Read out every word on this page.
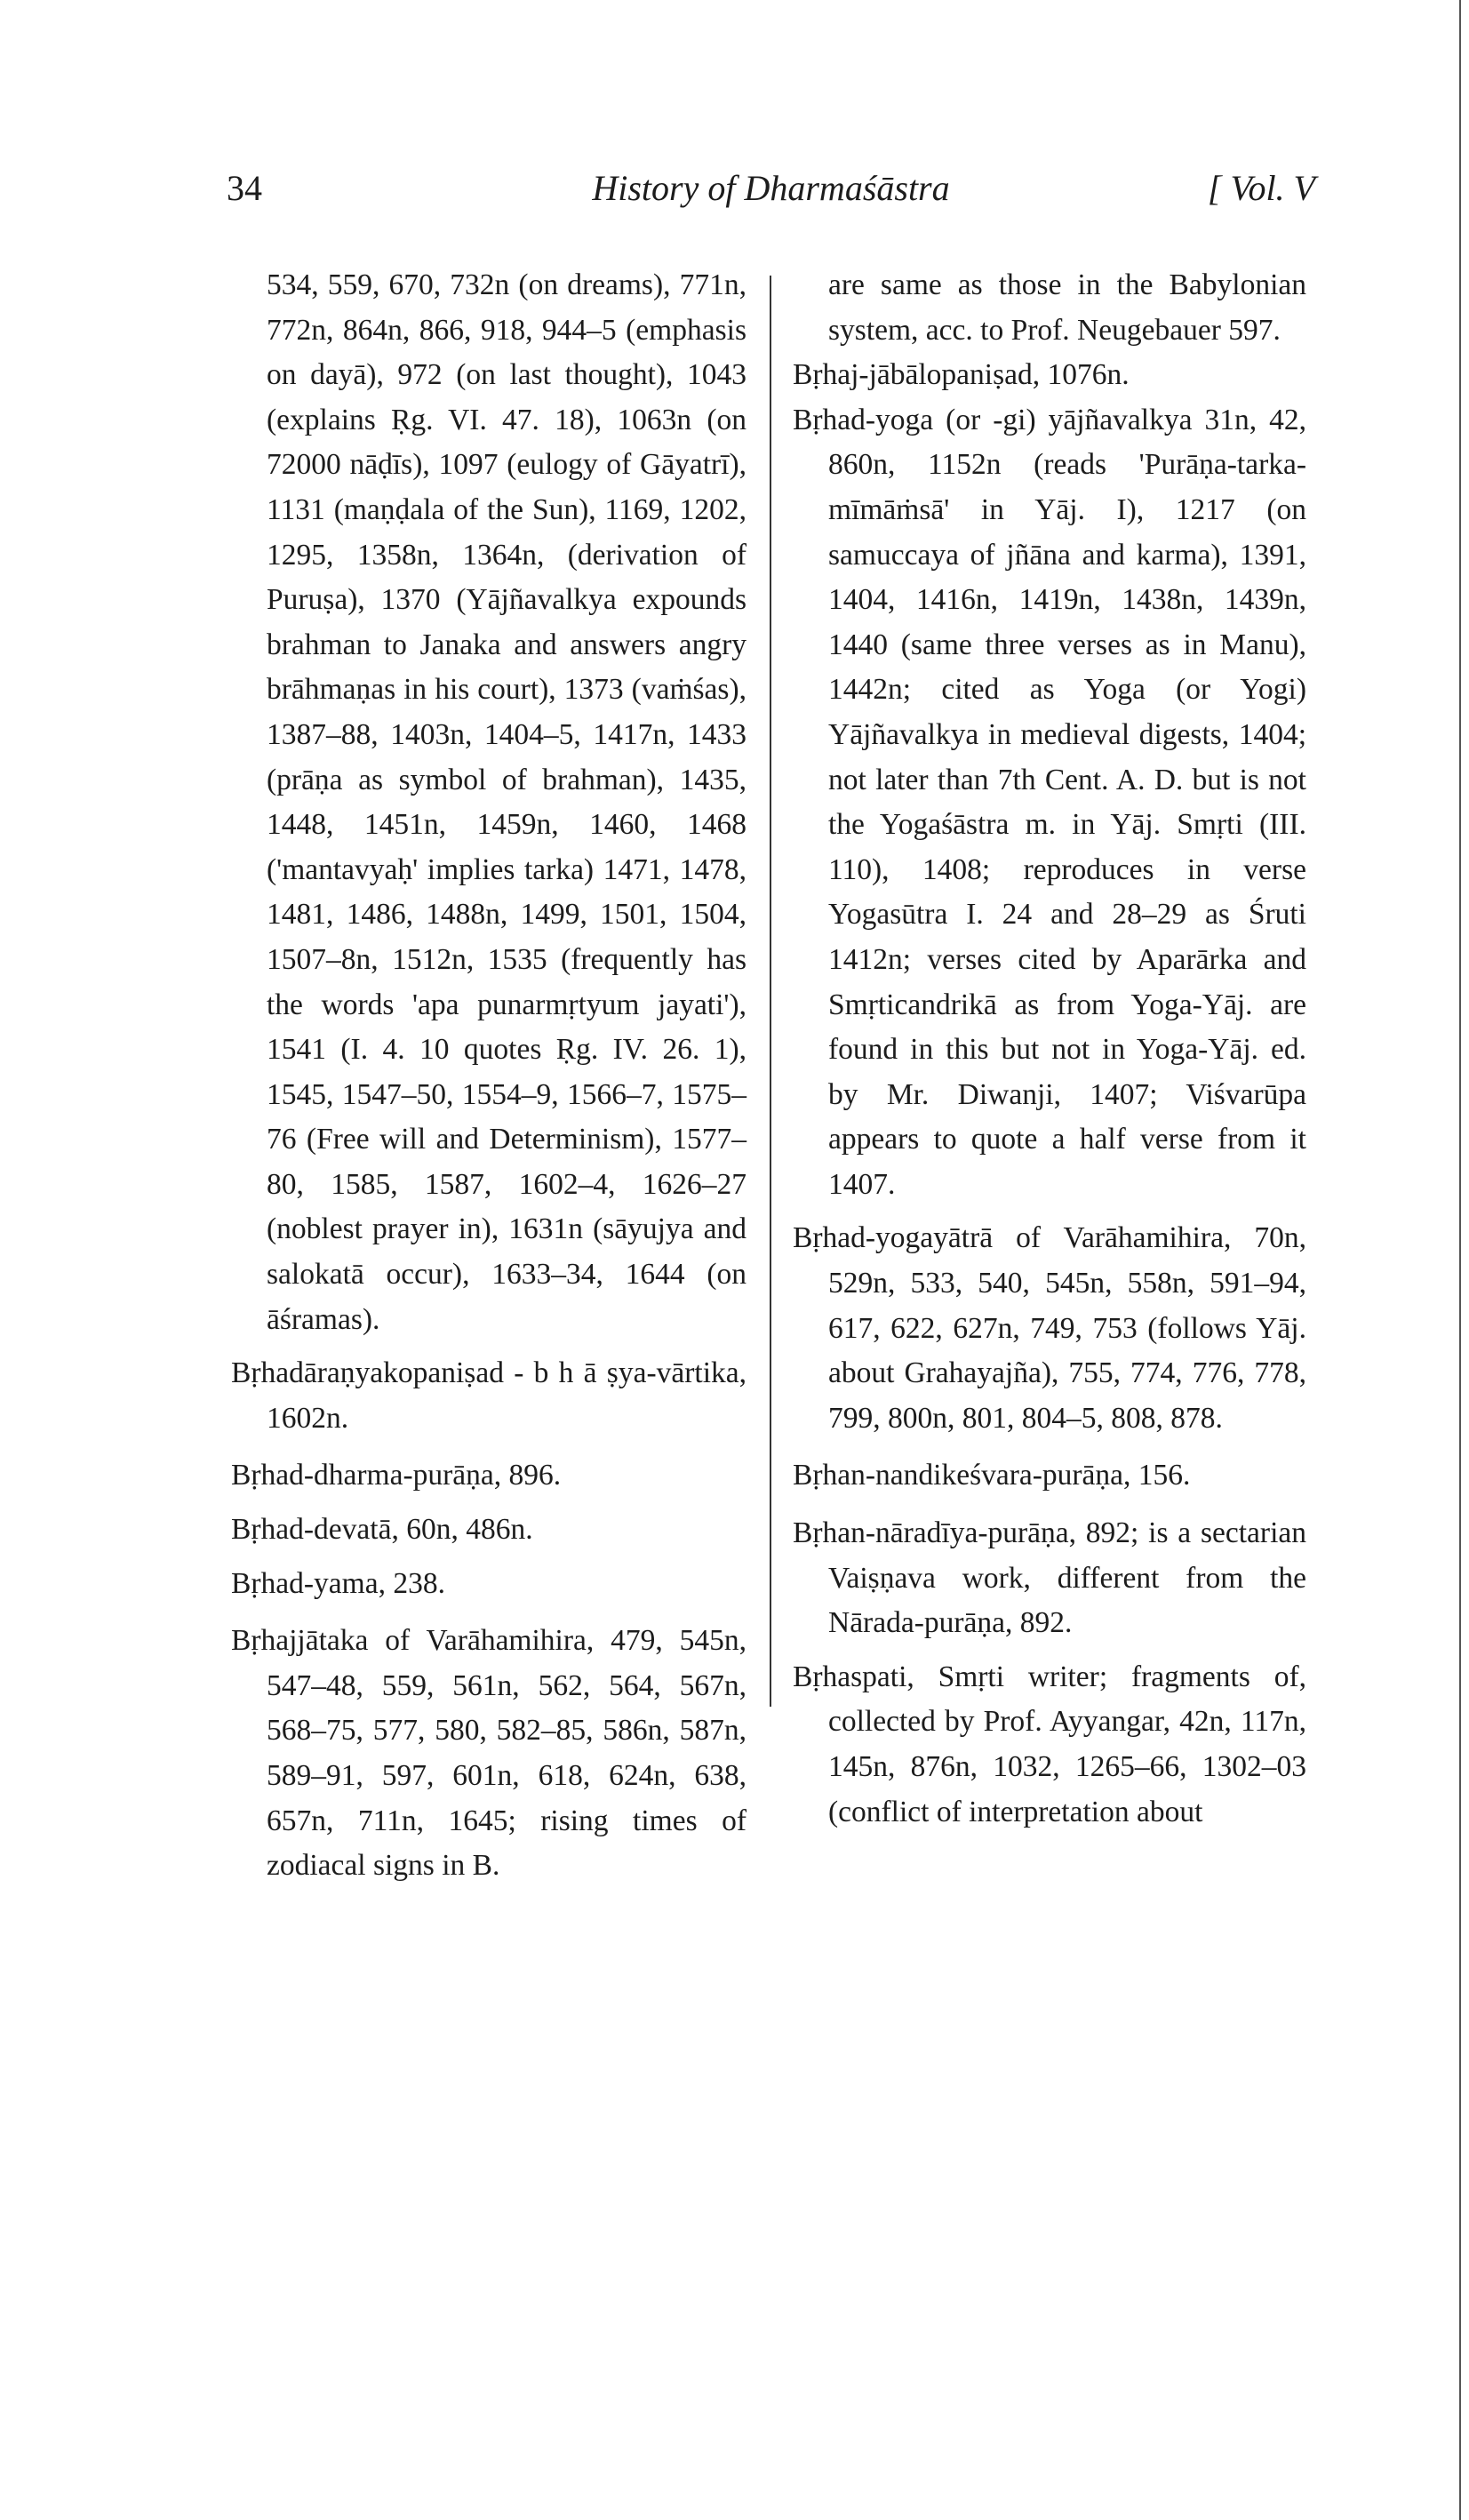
34	History of Dharmaśāstra	[ Vol. V
534, 559, 670, 732n (on dreams), 771n, 772n, 864n, 866, 918, 944–5 (emphasis on dayā), 972 (on last thought), 1043 (explains Ṛg. VI. 47. 18), 1063n (on 72000 nāḍīs), 1097 (eulogy of Gāyatrī), 1131 (maṇḍala of the Sun), 1169, 1202, 1295, 1358n, 1364n, (derivation of Puruṣa), 1370 (Yājñavalkya expounds brahman to Janaka and answers angry brāhmaṇas in his court), 1373 (vaṁśas), 1387–88, 1403n, 1404–5, 1417n, 1433 (prāṇa as symbol of brahman), 1435, 1448, 1451n, 1459n, 1460, 1468 ('mantavyaḥ' implies tarka) 1471, 1478, 1481, 1486, 1488n, 1499, 1501, 1504, 1507–8n, 1512n, 1535 (frequently has the words 'apa punarmṛtyum jayati'), 1541 (I. 4. 10 quotes Ṛg. IV. 26. 1), 1545, 1547–50, 1554–9, 1566–7, 1575–76 (Free will and Determinism), 1577–80, 1585, 1587, 1602–4, 1626–27 (noblest prayer in), 1631n (sāyujya and salokatā occur), 1633–34, 1644 (on āśramas).
Bṛhadāraṇyakopaniṣad - b h ā ṣya-vārtika, 1602n.
Bṛhad-dharma-purāṇa, 896.
Bṛhad-devatā, 60n, 486n.
Bṛhad-yama, 238.
Bṛhajjātaka of Varāhamihira, 479, 545n, 547–48, 559, 561n, 562, 564, 567n, 568–75, 577, 580, 582–85, 586n, 587n, 589–91, 597, 601n, 618, 624n, 638, 657n, 711n, 1645; rising times of zodiacal signs in B.
are same as those in the Babylonian system, acc. to Prof. Neugebauer 597.
Bṛhaj-jābālopaniṣad, 1076n.
Bṛhad-yoga (or -gi) yājñavalkya 31n, 42, 860n, 1152n (reads 'Purāṇa-tarka-mīmāṁsā' in Yāj. I), 1217 (on samuccaya of jñāna and karma), 1391, 1404, 1416n, 1419n, 1438n, 1439n, 1440 (same three verses as in Manu), 1442n; cited as Yoga (or Yogi) Yājñavalkya in medieval digests, 1404; not later than 7th Cent. A. D. but is not the Yogaśāstra m. in Yāj. Smṛti (III. 110), 1408; reproduces in verse Yogasūtra I. 24 and 28–29 as Śruti 1412n; verses cited by Aparārka and Smṛticandrikā as from Yoga-Yāj. are found in this but not in Yoga-Yāj. ed. by Mr. Diwanji, 1407; Viśvarūpa appears to quote a half verse from it 1407.
Bṛhad-yogayātrā of Varāhamihira, 70n, 529n, 533, 540, 545n, 558n, 591–94, 617, 622, 627n, 749, 753 (follows Yāj. about Grahayajña), 755, 774, 776, 778, 799, 800n, 801, 804–5, 808, 878.
Bṛhan-nandikeśvara-purāṇa, 156.
Bṛhan-nāradīya-purāṇa, 892; is a sectarian Vaiṣṇava work, different from the Nārada-purāṇa, 892.
Bṛhaspati, Smṛti writer; fragments of, collected by Prof. Ayyangar, 42n, 117n, 145n, 876n, 1032, 1265–66, 1302–03 (conflict of interpretation about
